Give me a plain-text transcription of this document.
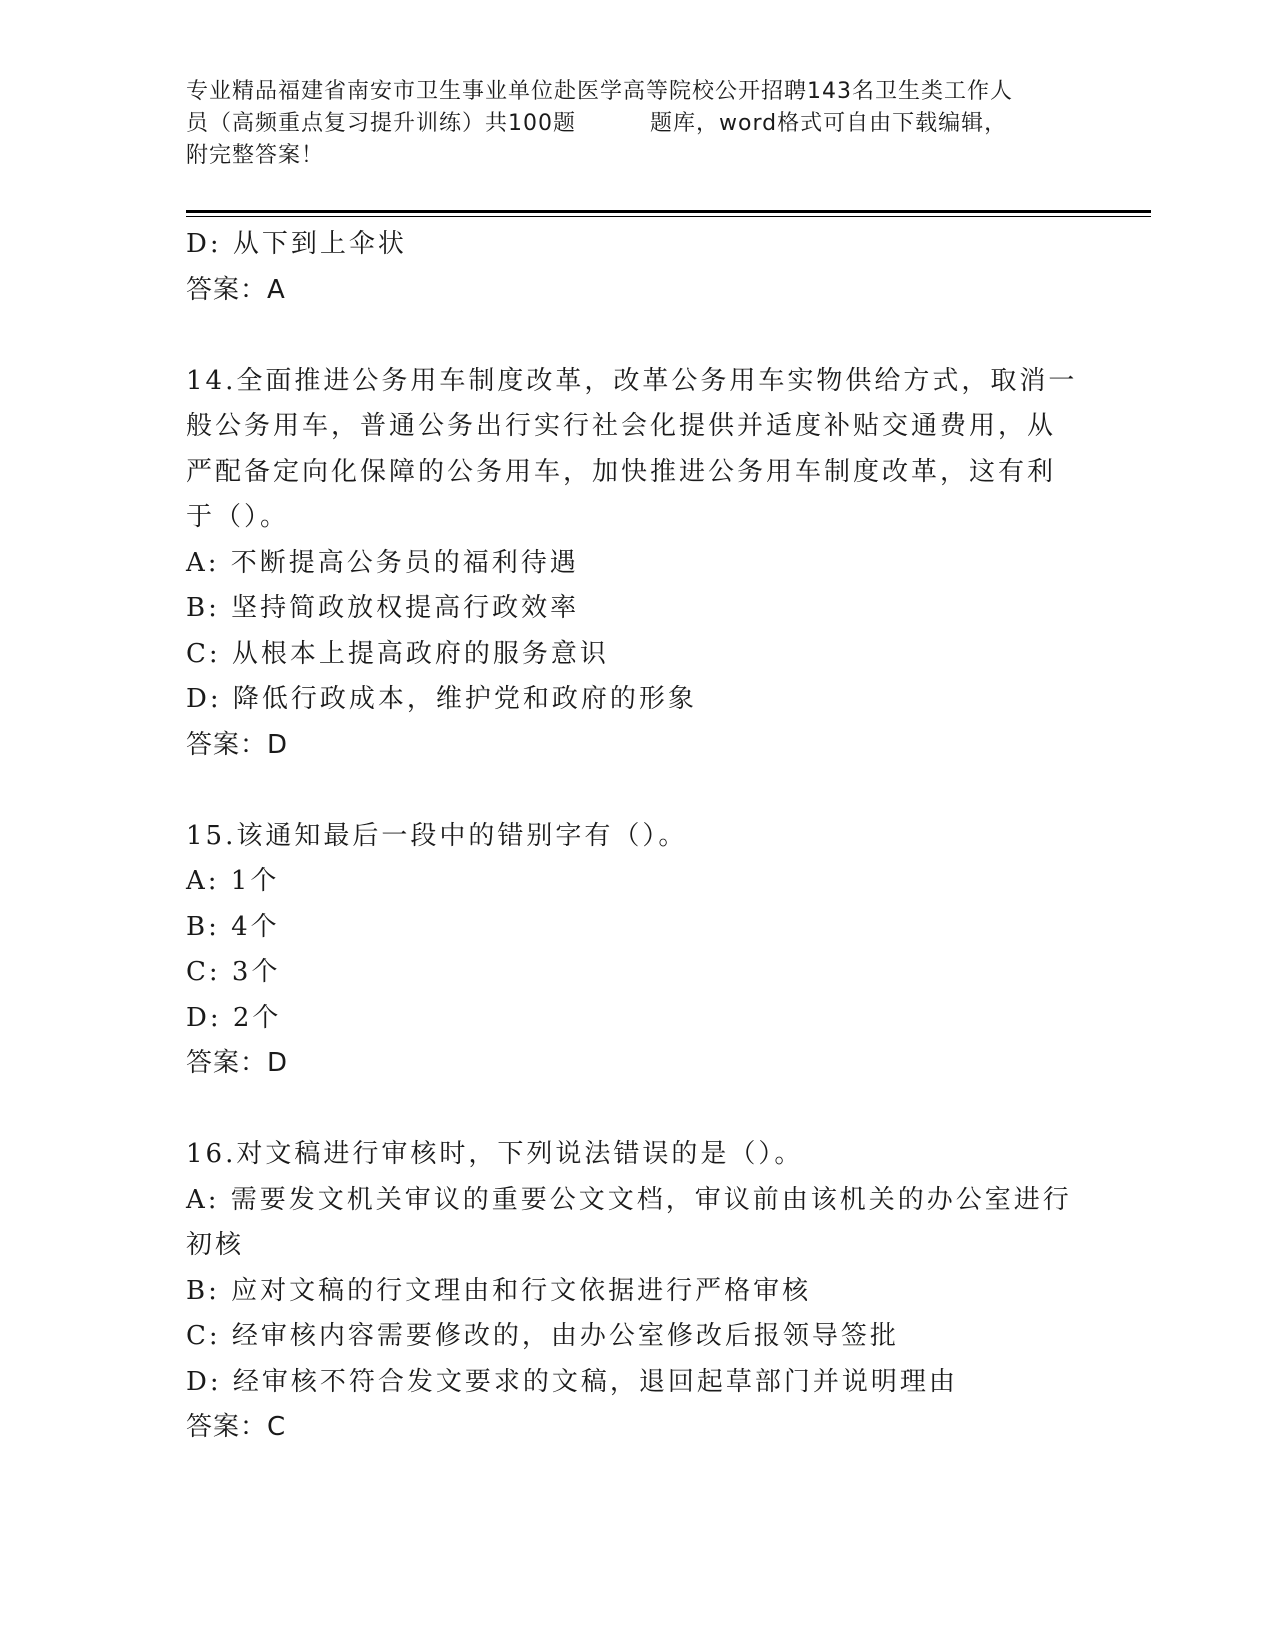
专业精品福建省南安市卫生事业单位赴医学高等院校公开招聘143名卫生类工作人
员（高频重点复习提升训练）共100题	题库，word格式可自由下载编辑，
附完整答案！
D: 从下到上伞状
答案：A
14.全面推进公务用车制度改革，改革公务用车实物供给方式，取消一
般公务用车，普通公务出行实行社会化提供并适度补贴交通费用，从
严配备定向化保障的公务用车，加快推进公务用车制度改革，这有利
于（）。
A: 不断提高公务员的福利待遇
B: 坚持简政放权提高行政效率
C: 从根本上提高政府的服务意识
D: 降低行政成本，维护党和政府的形象
答案：D
15.该通知最后一段中的错别字有（）。
A: 1个
B: 4个
C: 3个
D: 2个
答案：D
16.对文稿进行审核时，下列说法错误的是（）。
A: 需要发文机关审议的重要公文文档，审议前由该机关的办公室进行
初核
B: 应对文稿的行文理由和行文依据进行严格审核
C: 经审核内容需要修改的，由办公室修改后报领导签批
D: 经审核不符合发文要求的文稿，退回起草部门并说明理由
答案：C
